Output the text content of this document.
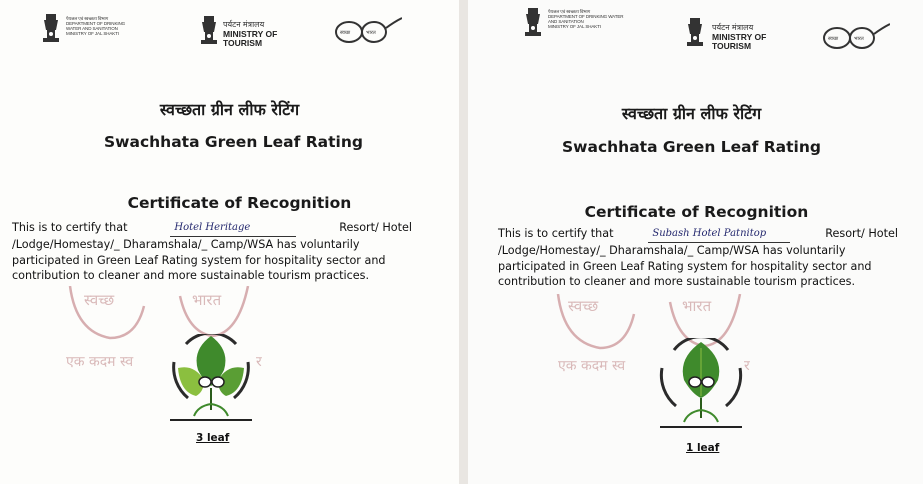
पेयजल एवं स्वच्छता विभाग
DEPARTMENT OF DRINKING WATER AND SANITATION
MINISTRY OF JAL SHAKTI
पर्यटन मंत्रालय
MINISTRY OF
TOURISM
स्वच्छ	भारत
स्वच्छता ग्रीन लीफ रेटिंग
Swachhata Green Leaf Rating
Certificate of Recognition
This is to certify that	Hotel Heritage	Resort/ Hotel
/Lodge/Homestay/_ Dharamshala/_ Camp/WSA has voluntarily
participated in Green Leaf Rating system for hospitality sector and
contribution to cleaner and more sustainable tourism practices.
स्वच्छ	भारत
एक कदम स्व	र
3 leaf
पेयजल एवं स्वच्छता विभाग
DEPARTMENT OF DRINKING WATER AND SANITATION
MINISTRY OF JAL SHAKTI	पर्यटन मंत्रालय
MINISTRY OF
TOURISM
स्वच्छ	भारत
स्वच्छता ग्रीन लीफ रेटिंग
Swachhata Green Leaf Rating
Certificate of Recognition
This is to certify that	Subash Hotel Patnitop	Resort/ Hotel
/Lodge/Homestay/_ Dharamshala/_ Camp/WSA has voluntarily
participated in Green Leaf Rating system for hospitality sector and
contribution to cleaner and more sustainable tourism practices.
स्वच्छ	भारत
एक कदम स्व	र
1 leaf
